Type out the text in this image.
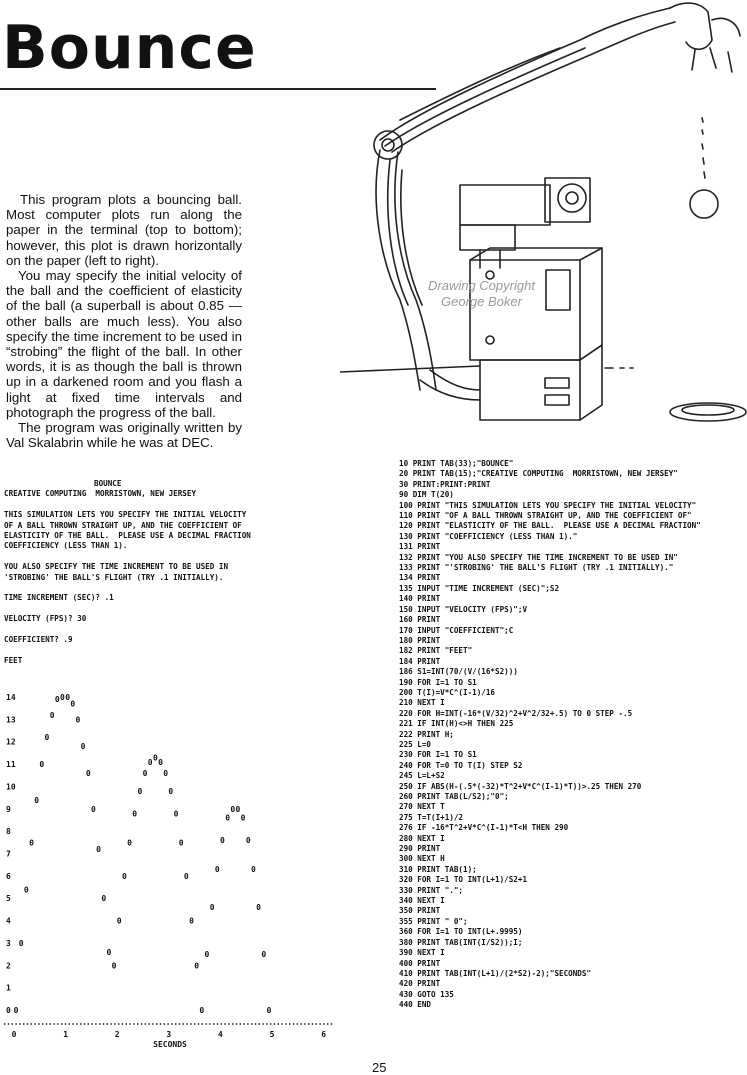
Bounce

This program plots a bouncing ball. Most computer plots run along the paper in the terminal (top to bottom); however, this plot is drawn horizontally on the paper (left to right).

You may specify the initial velocity of the ball and the coefficient of elasticity of the ball (a superball is about 0.85 — other balls are much less). You also specify the time increment to be used in “strobing” the flight of the ball. In other words, it is as though the ball is thrown up in a darkened room and you flash a light at fixed time intervals and photograph the progress of the ball.

The program was originally written by Val Skalabrin while he was at DEC.

Drawing Copyright
George Boker
BOUNCE
CREATIVE COMPUTING  MORRISTOWN, NEW JERSEY
THIS SIMULATION LETS YOU SPECIFY THE INITIAL VELOCITY
OF A BALL THROWN STRAIGHT UP, AND THE COEFFICIENT OF
ELASTICITY OF THE BALL.  PLEASE USE A DECIMAL FRACTION
COEFFICIENCY (LESS THAN 1).
YOU ALSO SPECIFY THE TIME INCREMENT TO BE USED IN
'STROBING' THE BALL'S FLIGHT (TRY .1 INITIALLY).
TIME INCREMENT (SEC)? .1
VELOCITY (FPS)? 30
COEFFICIENT? .9
FEET
14
13
12
11
10
9
8
7
6
5
4
3
2
1
0 0
0
0
0
0
0
0
0
0 0 0
0
0
0
0
0
0
0
0
0
0
0
0
0
0
0
0 0 0
0
0
0
0
0
0
0
0
0
0
0
0
0
0 0
0
0
0
0
0
0
0	1	2	3	4	5	6
SECONDS
10 PRINT TAB(33);"BOUNCE"
20 PRINT TAB(15);"CREATIVE COMPUTING  MORRISTOWN, NEW JERSEY"
30 PRINT:PRINT:PRINT
90 DIM T(20)
100 PRINT "THIS SIMULATION LETS YOU SPECIFY THE INITIAL VELOCITY"
110 PRINT "OF A BALL THROWN STRAIGHT UP, AND THE COEFFICIENT OF"
120 PRINT "ELASTICITY OF THE BALL.  PLEASE USE A DECIMAL FRACTION"
130 PRINT "COEFFICIENCY (LESS THAN 1)."
131 PRINT
132 PRINT "YOU ALSO SPECIFY THE TIME INCREMENT TO BE USED IN"
133 PRINT "'STROBING' THE BALL'S FLIGHT (TRY .1 INITIALLY)."
134 PRINT
135 INPUT "TIME INCREMENT (SEC)";S2
140 PRINT
150 INPUT "VELOCITY (FPS)";V
160 PRINT
170 INPUT "COEFFICIENT";C
180 PRINT
182 PRINT "FEET"
184 PRINT
186 S1=INT(70/(V/(16*S2)))
190 FOR I=1 TO S1
200 T(I)=V*C^(I-1)/16
210 NEXT I
220 FOR H=INT(-16*(V/32)^2+V^2/32+.5) TO 0 STEP -.5
221 IF INT(H)<>H THEN 225
222 PRINT H;
225 L=0
230 FOR I=1 TO S1
240 FOR T=0 TO T(I) STEP S2
245 L=L+S2
250 IF ABS(H-(.5*(-32)*T^2+V*C^(I-1)*T))>.25 THEN 270
260 PRINT TAB(L/S2);"0";
270 NEXT T
275 T=T(I+1)/2
276 IF -16*T^2+V*C^(I-1)*T<H THEN 290
280 NEXT I
290 PRINT
300 NEXT H
310 PRINT TAB(1);
320 FOR I=1 TO INT(L+1)/S2+1
330 PRINT ".";
340 NEXT I
350 PRINT
355 PRINT " 0";
360 FOR I=1 TO INT(L+.9995)
380 PRINT TAB(INT(I/S2));I;
390 NEXT I
400 PRINT
410 PRINT TAB(INT(L+1)/(2*S2)-2);"SECONDS"
420 PRINT
430 GOTO 135
440 END
25
